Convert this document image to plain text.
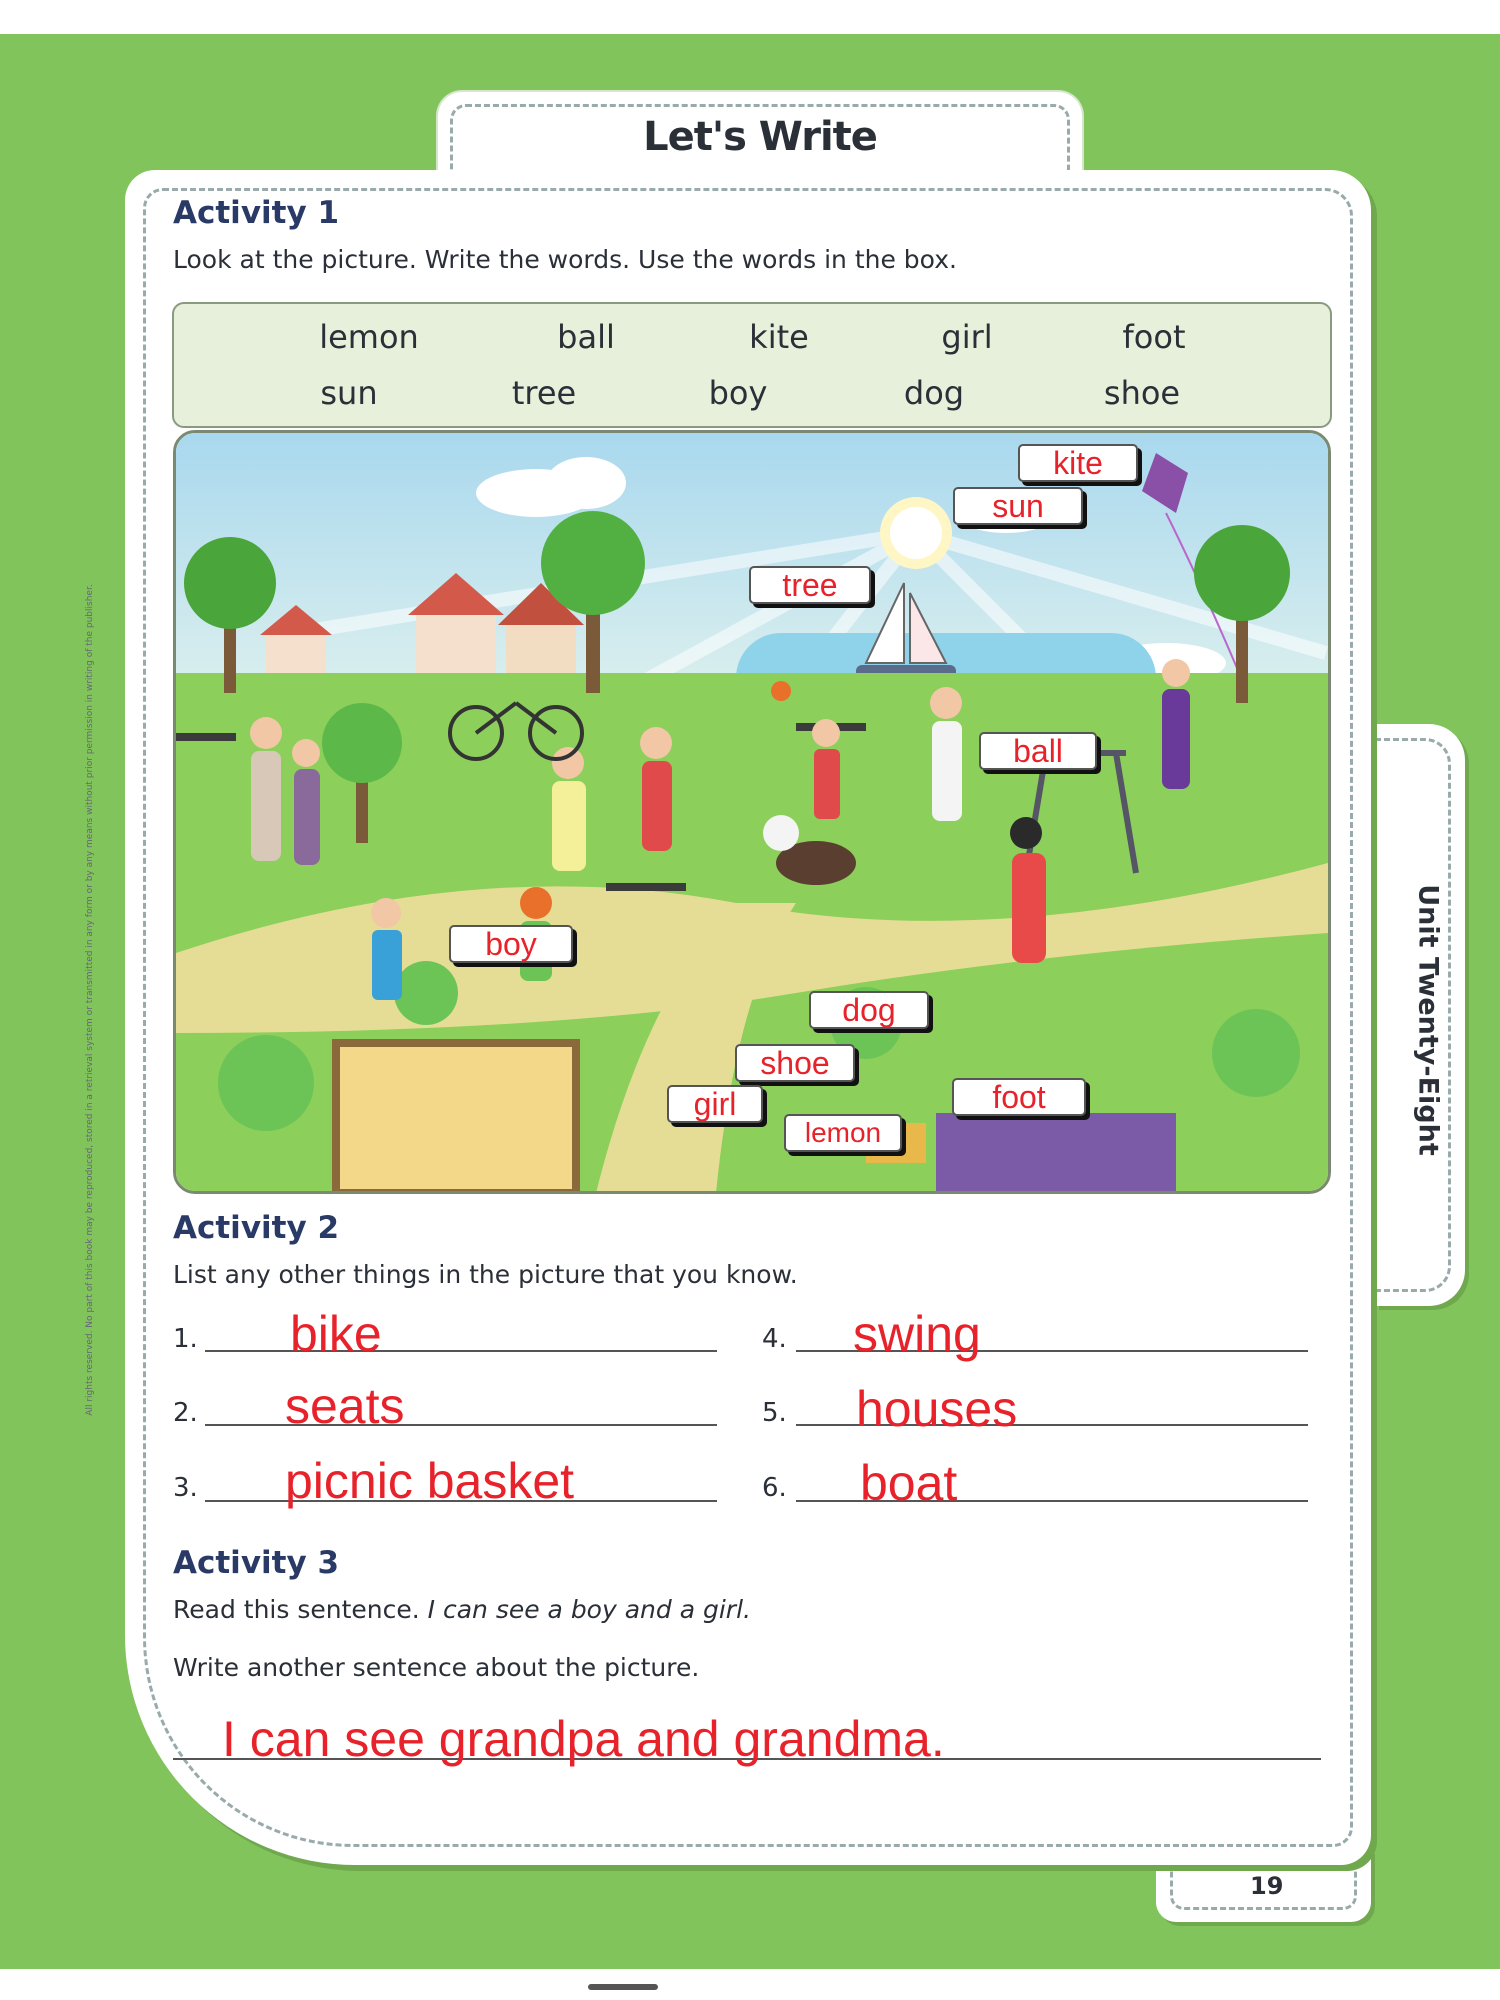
All rights reserved. No part of this book may be reproduced, stored in a retrieval system or transmitted in any form or by any means without prior permission in writing of the publisher.
Let's Write
Unit Twenty-Eight
19
Activity 1
Look at the picture. Write the words. Use the words in the box.
lemon	ball	kite	girl	foot
sun	tree	boy	dog	shoe
kite
sun
tree
ball
boy
dog
shoe
girl	foot
lemon
Activity 2
List any other things in the picture that you know.
1. bike
2. seats
3. picnic basket
4. swing
5. houses
6. boat
Activity 3
Read this sentence. I can see a boy and a girl.
Write another sentence about the picture.
I can see grandpa and grandma.
